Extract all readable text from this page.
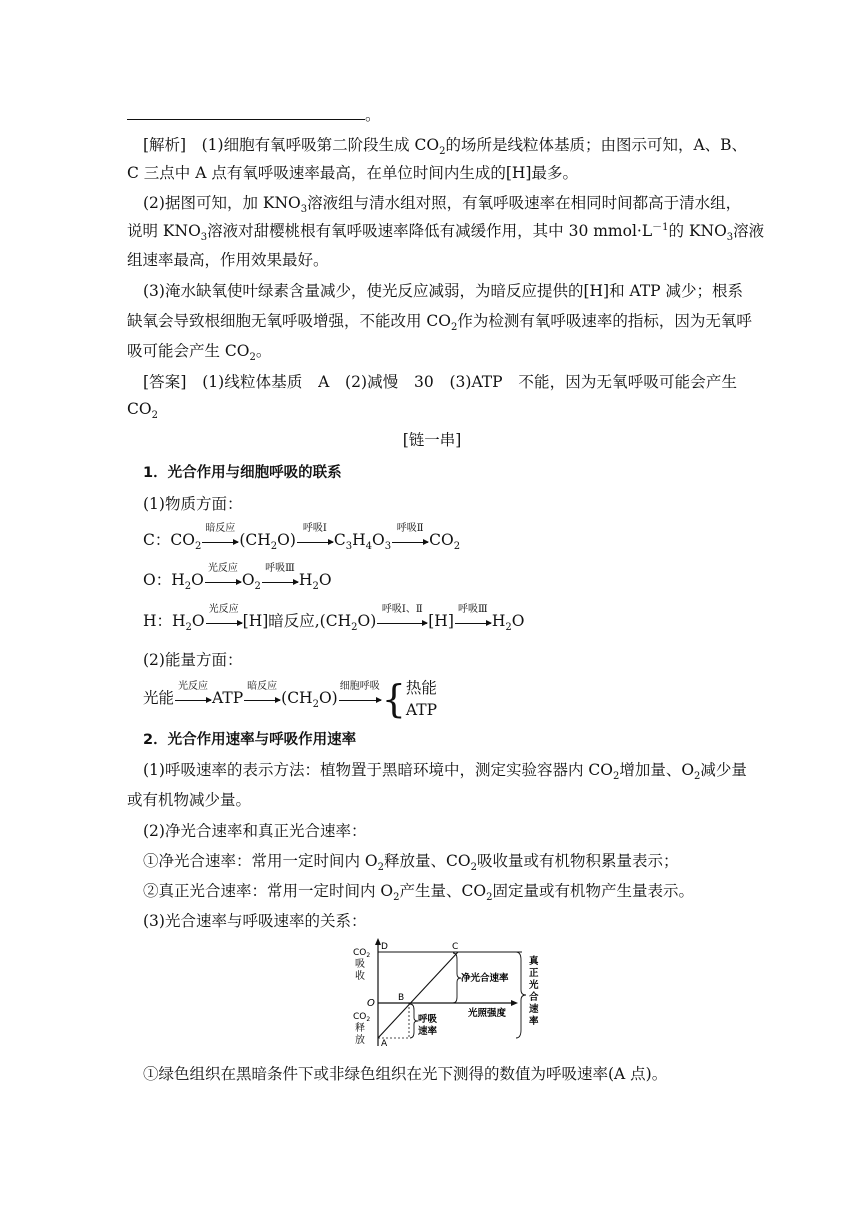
。
[解析]　 (1)细胞有氧呼吸第二阶段生成 $CO_2$的场所是线粒体基质；由图示可知，A、B、
C 三点中 A 点有氧呼吸速率最高，在单位时间内生成的[H]最多。
(2)据图可知，加 $KNO_3$溶液组与清水组对照，有氧呼吸速率在相同时间都高于清水组，
说明 $KNO_3$溶液对甜樱桃根有氧呼吸速率降低有减缓作用，其中 30 $mmol\cdot L^{-1}$的 $KNO_3$溶液
组速率最高，作用效果最好。
(3)淹水缺氧使叶绿素含量减少，使光反应减弱，为暗反应提供的[H]和 ATP 减少；根系
缺氧会导致根细胞无氧呼吸增强，不能改用 $CO_2$作为检测有氧呼吸速率的指标，因为无氧呼
吸可能会产生 $CO_2$。
[答案]　 (1)线粒体基质　A　(2)减慢　30　(3)ATP　不能，因为无氧呼吸可能会产生
$CO_2$
[链一串]
1．光合作用与细胞呼吸的联系
(1)物质方面：
C：$CO_2$
暗反应
$(CH_2O)$
呼吸Ⅰ
$C_3H_4O_3$
呼吸Ⅱ
$CO_2$
O：$H_2O$
光反应
$O_2$
呼吸Ⅲ
$H_2O$
H：$H_2O$
光反应
[H]暗反应$,(CH_2O)$
呼吸Ⅰ、Ⅱ
[H]
呼吸Ⅲ
$H_2O$
(2)能量方面：
光能
光反应
ATP
暗反应
$(CH_2O)$
细胞呼吸 { 热能
ATP
2．光合作用速率与呼吸作用速率
(1)呼吸速率的表示方法：植物置于黑暗环境中，测定实验容器内 $CO_2$增加量、$O_2$减少量
或有机物减少量。
(2)净光合速率和真正光合速率：
①净光合速率：常用一定时间内 $O_2$释放量、$CO_2$吸收量或有机物积累量表示；
②真正光合速率：常用一定时间内 $O_2$产生量、$CO_2$固定量或有机物产生量表示。
(3)光合速率与呼吸速率的关系：
$CO_2$
吸
收
O
$CO_2$
释
放
D	C
B
A
净光合速率
呼吸
速率
光照强度
真
正
光
合
速
率
①绿色组织在黑暗条件下或非绿色组织在光下测得的数值为呼吸速率(A 点)。
